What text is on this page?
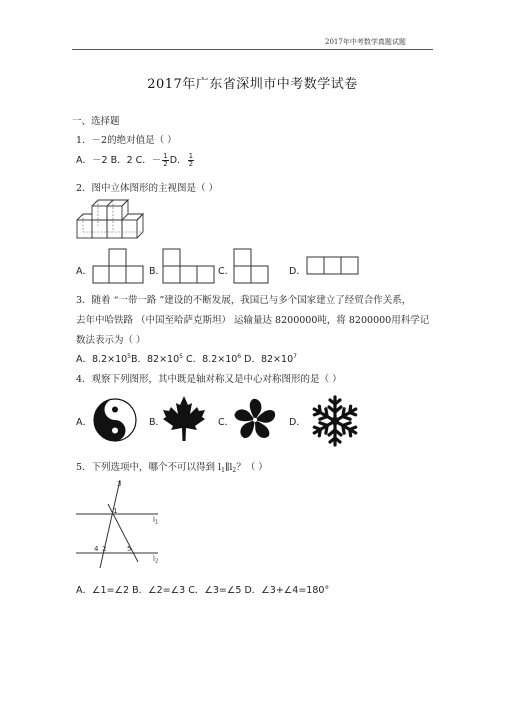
2017年中考数学真题试题
2017年广东省深圳市中考数学试卷
一、选择题
1．－2的绝对值是（ ）
A．－2 B．2 C．－ $\frac{1}{2}$ D． $\frac{1}{2}$
2．图中立体图形的主视图是（ ）
A．	B．	C．	D．
3．随着 “一带一路 ”建设的不断发展，我国已与多个国家建立了经贸合作关系，
去年中哈铁路 （中国至哈萨克斯坦） 运输量达 8200000吨，将 8200000用科学记
数法表示为（ ）
A．$8.2\times 10^5B$．$82\times 10^5$ C．$8.2\times 10^6$ D．$82\times 10^7$
4．观察下列图形，其中既是轴对称又是中心对称图形的是（ ）
A．	B．	C．	D．
5．下列选项中，哪个不可以得到 $l_1\parallel l_2$？（ ）
3
1
$l_1$
4 2	5
$l_2$
A．∠1=∠2 B．∠2=∠3 C．∠3=∠5 D．∠3+∠4=180°
